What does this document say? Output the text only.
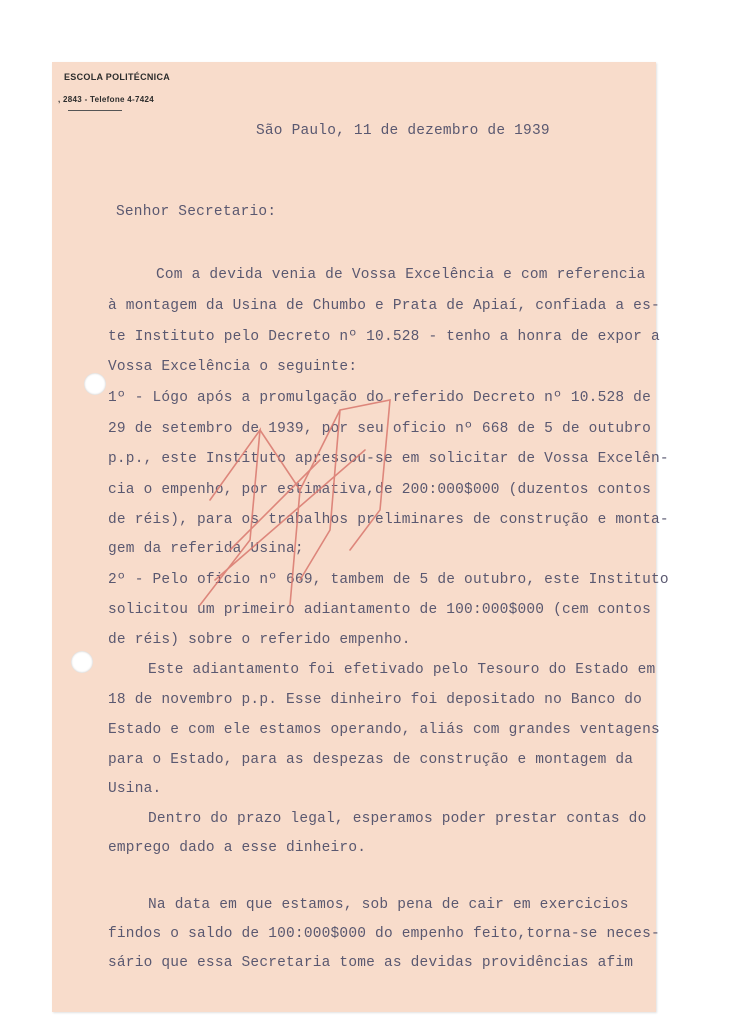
ESCOLA POLITÉCNICA
, 2843 - Telefone 4-7424
São Paulo, 11 de dezembro de 1939
Senhor Secretario:
Com a devida venia de Vossa Excelência e com referencia
à montagem da Usina de Chumbo e Prata de Apiaí, confiada a es-
te Instituto pelo Decreto nº 10.528 - tenho a honra de expor a
Vossa Excelência o seguinte:
1º - Lógo após a promulgação do referido Decreto nº 10.528 de
29 de setembro de 1939, por seu oficio nº 668 de 5 de outubro
p.p., este Instituto apressou-se em solicitar de Vossa Excelên-
cia o empenho, por estimativa,de 200:000$000 (duzentos contos
de réis), para os trabalhos preliminares de construção e monta-
gem da referida Usina;
2º - Pelo oficio nº 669, tambem de 5 de outubro, este Instituto
solicitou um primeiro adiantamento de 100:000$000 (cem contos
de réis) sobre o referido empenho.
Este adiantamento foi efetivado pelo Tesouro do Estado em
18 de novembro p.p. Esse dinheiro foi depositado no Banco do
Estado e com ele estamos operando, aliás com grandes ventagens
para o Estado, para as despezas de construção e montagem da
Usina.
Dentro do prazo legal, esperamos poder prestar contas do
emprego dado a esse dinheiro.
Na data em que estamos, sob pena de cair em exercicios
findos o saldo de 100:000$000 do empenho feito,torna-se neces-
sário que essa Secretaria tome as devidas providências afim
